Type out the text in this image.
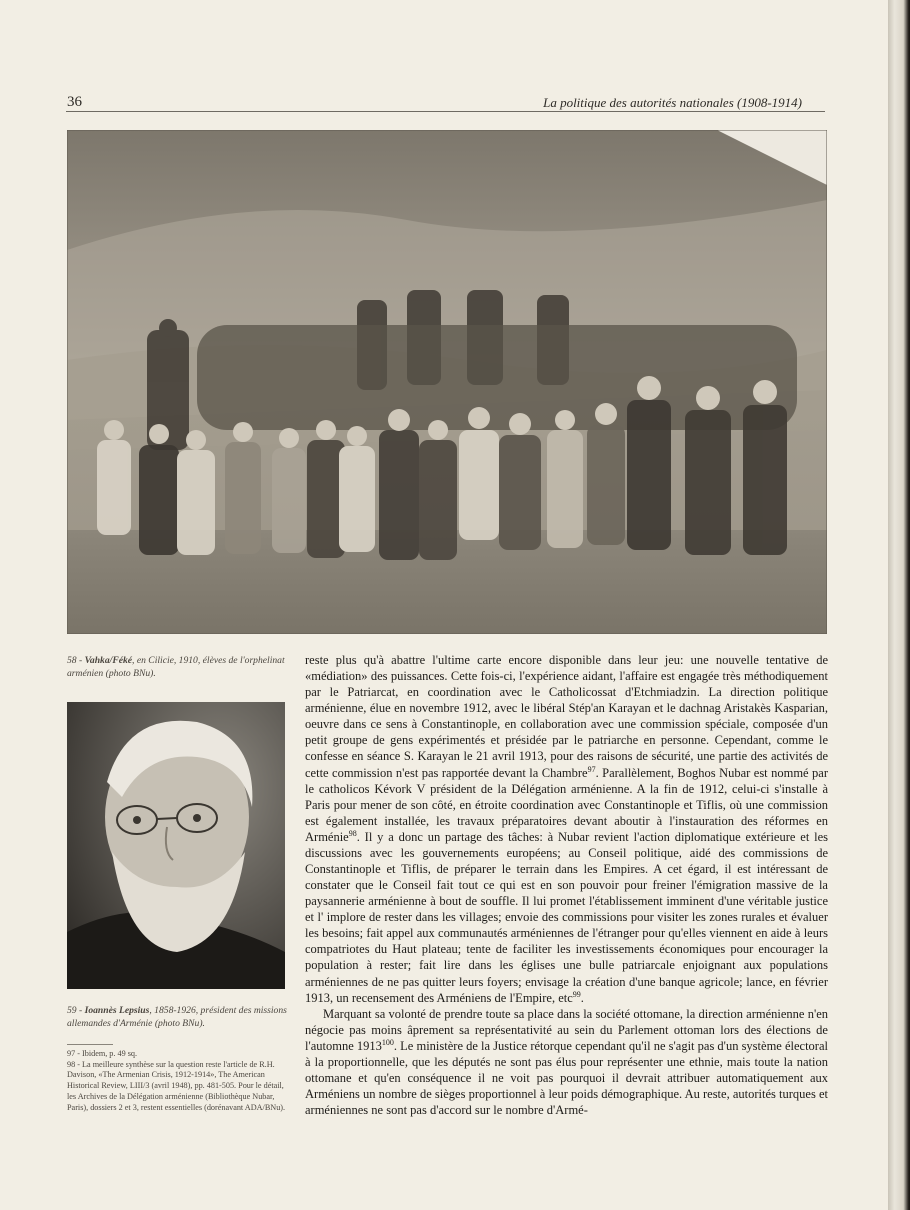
36	La politique des autorités nationales (1908-1914)
58 - Vahka/Féké, en Cilicie, 1910, élèves de l'orphelinat arménien (photo BNu).
59 - Ioannès Lepsius, 1858-1926, président des missions allemandes d'Arménie (photo BNu).

97 - Ibidem, p. 49 sq.

98 - La meilleure synthèse sur la question reste l'article de R.H. Davison, «The Armenian Crisis, 1912-1914», The American Historical Review, LIII/3 (avril 1948), pp. 481-505. Pour le détail, les Archives de la Délégation arménienne (Bibliothèque Nubar, Paris), dossiers 2 et 3, restent essentielles (dorénavant ADA/BNu).

reste plus qu'à abattre l'ultime carte encore disponible dans leur jeu: une nouvelle tentative de «médiation» des puissances. Cette fois-ci, l'expérience aidant, l'affaire est engagée très méthodiquement par le Patriarcat, en coordination avec le Catholicossat d'Etchmiadzin. La direction politique arménienne, élue en novembre 1912, avec le libéral Stép'an Karayan et le dachnag Aristakès Kasparian, oeuvre dans ce sens à Constantinople, en collaboration avec une commission spéciale, composée d'un petit groupe de gens expérimentés et présidée par le patriarche en personne. Cependant, comme le confesse en séance S. Karayan le 21 avril 1913, pour des raisons de sécurité, une partie des activités de cette commission n'est pas rapportée devant la Chambre$^{97}$. Parallèlement, Boghos Nubar est nommé par le catholicos Kévork V président de la Délégation arménienne. A la fin de 1912, celui-ci s'installe à Paris pour mener de son côté, en étroite coordination avec Constantinople et Tiflis, où une commission est également installée, les travaux préparatoires devant aboutir à l'instauration des réformes en Arménie$^{98}$. Il y a donc un partage des tâches: à Nubar revient l'action diplomatique extérieure et les discussions avec les gouvernements européens; au Conseil politique, aidé des commissions de Constantinople et Tiflis, de préparer le terrain dans les Empires. A cet égard, il est intéressant de constater que le Conseil fait tout ce qui est en son pouvoir pour freiner l'émigration massive de la paysannerie arménienne à bout de souffle. Il lui promet l'établissement imminent d'une véritable justice et l' implore de rester dans les villages; envoie des commissions pour visiter les zones rurales et évaluer les besoins; fait appel aux communautés arméniennes de l'étranger pour qu'elles viennent en aide à leurs compatriotes du Haut plateau; tente de faciliter les investissements économiques pour encourager la population à rester; fait lire dans les églises une bulle patriarcale enjoignant aux populations arméniennes de ne pas quitter leurs foyers; envisage la création d'une banque agricole; lance, en février 1913, un recensement des Arméniens de l'Empire, etc$^{99}$.

Marquant sa volonté de prendre toute sa place dans la société ottomane, la direction arménienne n'en négocie pas moins âprement sa représentativité au sein du Parlement ottoman lors des élections de l'automne 1913$^{100}$. Le ministère de la Justice rétorque cependant qu'il ne s'agit pas d'un système électoral à la proportionnelle, que les députés ne sont pas élus pour représenter une ethnie, mais toute la nation ottomane et qu'en conséquence il ne voit pas pourquoi il devrait attribuer automatiquement aux Arméniens un nombre de sièges proportionnel à leur poids démographique. Au reste, autorités turques et arméniennes ne sont pas d'accord sur le nombre d'Armé-
